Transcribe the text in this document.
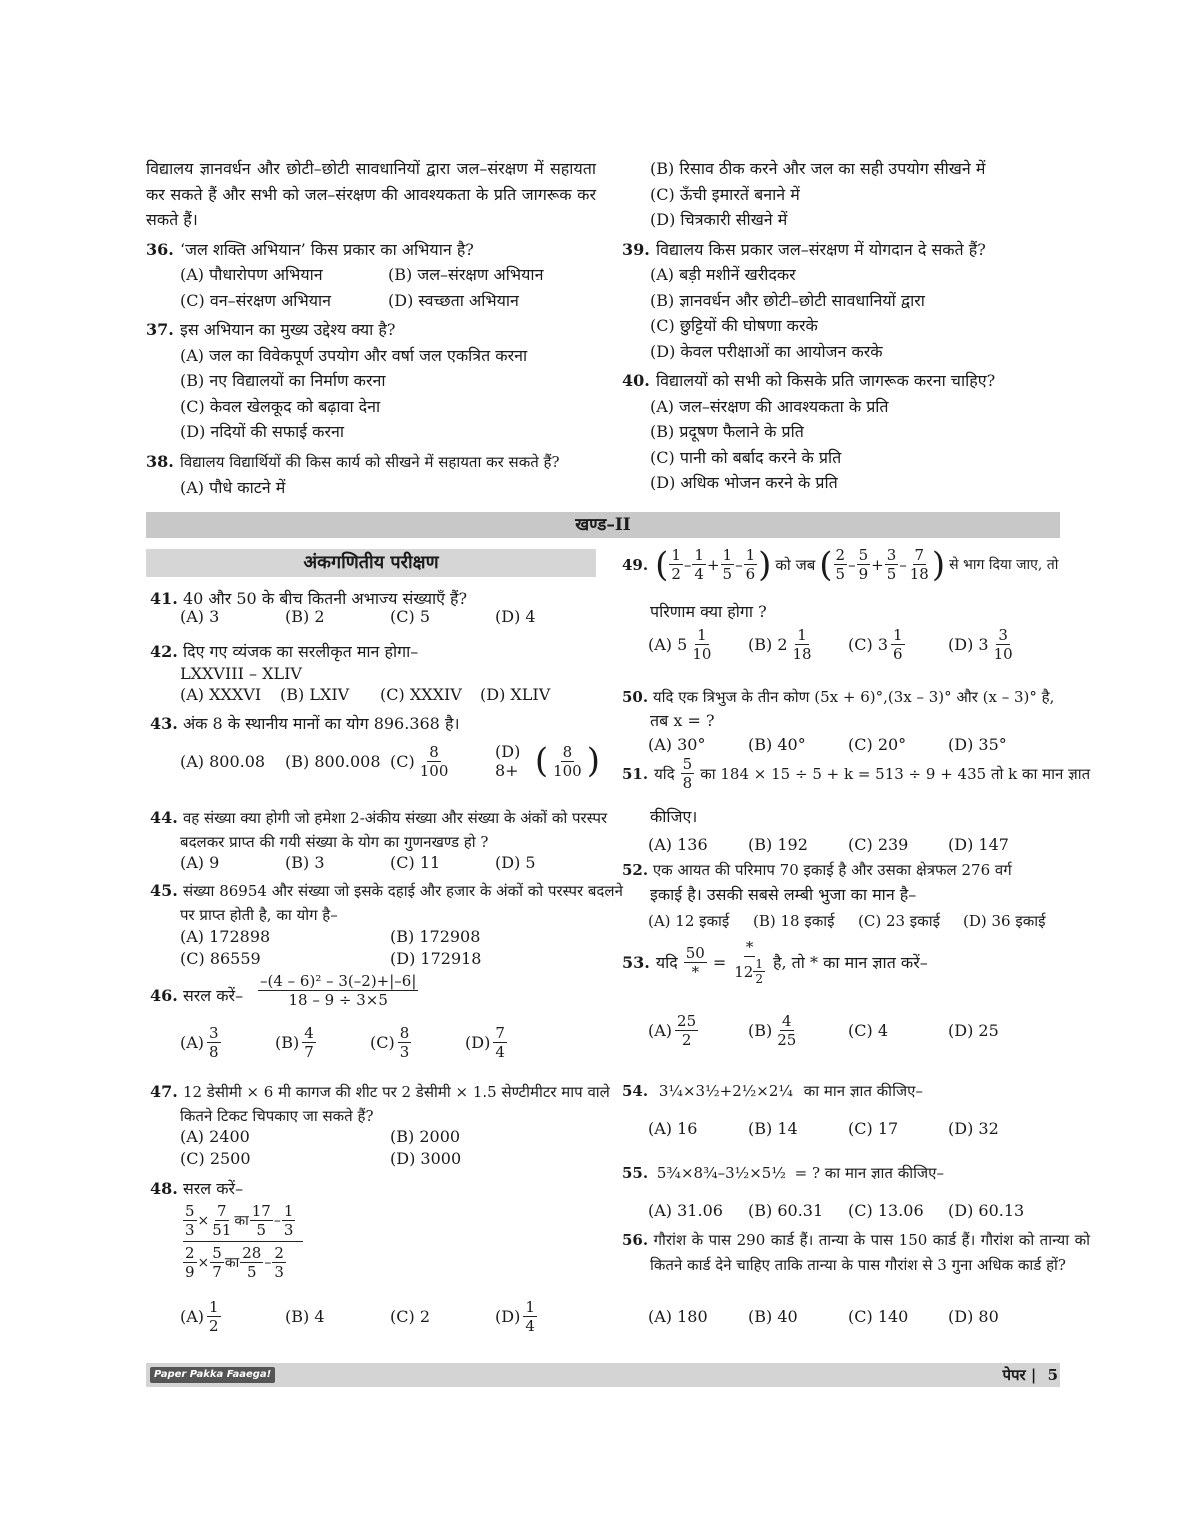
विद्यालय ज्ञानवर्धन और छोटी–छोटी सावधानियों द्वारा जल–संरक्षण में सहायता कर सकते हैं और सभी को जल–संरक्षण की आवश्यकता के प्रति जागरूक कर सकते हैं।

36. ‘जल शक्ति अभियान’ किस प्रकार का अभियान है?
(A) पौधारोपण अभियान	(B) जल–संरक्षण अभियान
(C) वन–संरक्षण अभियान	(D) स्वच्छता अभियान
37. इस अभियान का मुख्य उद्देश्य क्या है?
(A) जल का विवेकपूर्ण उपयोग और वर्षा जल एकत्रित करना
(B) नए विद्यालयों का निर्माण करना
(C) केवल खेलकूद को बढ़ावा देना
(D) नदियों की सफाई करना
38. विद्यालय विद्यार्थियों की किस कार्य को सीखने में सहायता कर सकते हैं?
(A) पौधे काटने में
(B) रिसाव ठीक करने और जल का सही उपयोग सीखने में
(C) ऊँची इमारतें बनाने में
(D) चित्रकारी सीखने में
39. विद्यालय किस प्रकार जल–संरक्षण में योगदान दे सकते हैं?
(A) बड़ी मशीनें खरीदकर
(B) ज्ञानवर्धन और छोटी–छोटी सावधानियों द्वारा
(C) छुट्टियों की घोषणा करके
(D) केवल परीक्षाओं का आयोजन करके
40. विद्यालयों को सभी को किसके प्रति जागरूक करना चाहिए?
(A) जल–संरक्षण की आवश्यकता के प्रति
(B) प्रदूषण फैलाने के प्रति
(C) पानी को बर्बाद करने के प्रति
(D) अधिक भोजन करने के प्रति
खण्ड–II
अंकगणितीय परीक्षण
41. 40 और 50 के बीच कितनी अभाज्य संख्याएँ हैं?
(A) 3	(B) 2	(C) 5	(D) 4
42. दिए गए व्यंजक का सरलीकृत मान होगा–
LXXVIII – XLIV
(A) XXXVI	(B) LXIV	(C) XXXIV	(D) XLIV
43. अंक 8 के स्थानीय मानों का योग 896.368 है।
(A) 800.08	(B) 800.008 $(C) \frac{8}{100}$	(D) 8+ ( $\frac{8}{100}$ )
44. वह संख्या क्या होगी जो हमेशा 2-अंकीय संख्या और संख्या के अंकों को परस्पर बदलकर प्राप्त की गयी संख्या के योग का गुणनखण्ड हो ?
(A) 9	(B) 3	(C) 11	(D) 5
45. संख्या 86954 और संख्या जो इसके दहाई और हजार के अंकों को परस्पर बदलने पर प्राप्त होती है, का योग है–
(A) 172898	(B) 172908
(C) 86559	(D) 172918
46. सरल करें– $\frac{\text{–(4 – 6)² – 3(–2)+|–6|}}{18 - 9 \div 3\times 5}$
$(A) \frac{3}{8}$	$(B) \frac{4}{7}$	$(C) \frac{8}{3}$	$(D) \frac{7}{4}$
47. 12 डेसीमी × 6 मी कागज की शीट पर 2 डेसीमी × 1.5 सेण्टीमीटर माप वाले कितने टिकट चिपकाए जा सकते हैं?
(A) 2400	(B) 2000
(C) 2500	(D) 3000
48. सरल करें–
$\frac{5}{3} \times \frac{7}{51}$ का $\frac{17}{5} - \frac{1}{3}$
$\frac{2}{9} \times \frac{5}{7}$ का $\frac{28}{5} - \frac{2}{3}$
$(A) \frac{1}{2}$	(B) 4	(C) 2	$(D) \frac{1}{4}$
49. ( $\frac{1}{2} - \frac{1}{4} + \frac{1}{5} - \frac{1}{6}$ ) को जब ( $\frac{2}{5} - \frac{5}{9} + \frac{3}{5} - \frac{7}{18}$ ) से भाग दिया जाए, तो
परिणाम क्या होगा ?
(A) $5 \frac{1}{10} (B)$ $2 \frac{1}{18} (C)$ $3 \frac{1}{6}$	(D) $3 \frac{3}{10}$
50. यदि एक त्रिभुज के तीन कोण (5x + 6)°,(3x – 3)° और (x – 3)° है,
तब x = ?
(A) 30°	(B) 40°	(C) 20°	(D) 35°
51. यदि $\frac{5}{8}$ का 184 × 15 ÷ 5 + k = 513 ÷ 9 + 435 तो k का मान ज्ञात
कीजिए।
(A) 136	(B) 192	(C) 239	(D) 147
52. एक आयत की परिमाप 70 इकाई है और उसका क्षेत्रफल 276 वर्ग
इकाई है। उसकी सबसे लम्बी भुजा का मान है–
(A) 12 इकाई	(B) 18 इकाई	(C) 23 इकाई	(D) 36 इकाई
53. यदि $\frac{50}{*} = \frac{*}{12 \frac{1}{2}}$ है, तो * का मान ज्ञात करें–
$(A) \frac{25}{2}$	$(B) \frac{4}{25}$	(C) 4	(D) 25
54. 3¼×3½+2½×2¼ का मान ज्ञात कीजिए–
(A) 16	(B) 14	(C) 17	(D) 32
55. 5¾×8¾–3½×5½ = ? का मान ज्ञात कीजिए–
(A) 31.06	(B) 60.31	(C) 13.06	(D) 60.13
56. गौरांश के पास 290 कार्ड हैं। तान्या के पास 150 कार्ड हैं। गौरांश को तान्या को कितने कार्ड देने चाहिए ताकि तान्या के पास गौरांश से 3 गुना अधिक कार्ड हों?
(A) 180	(B) 40	(C) 140	(D) 80
Paper Pakka Faaega!	पेपर | 5
